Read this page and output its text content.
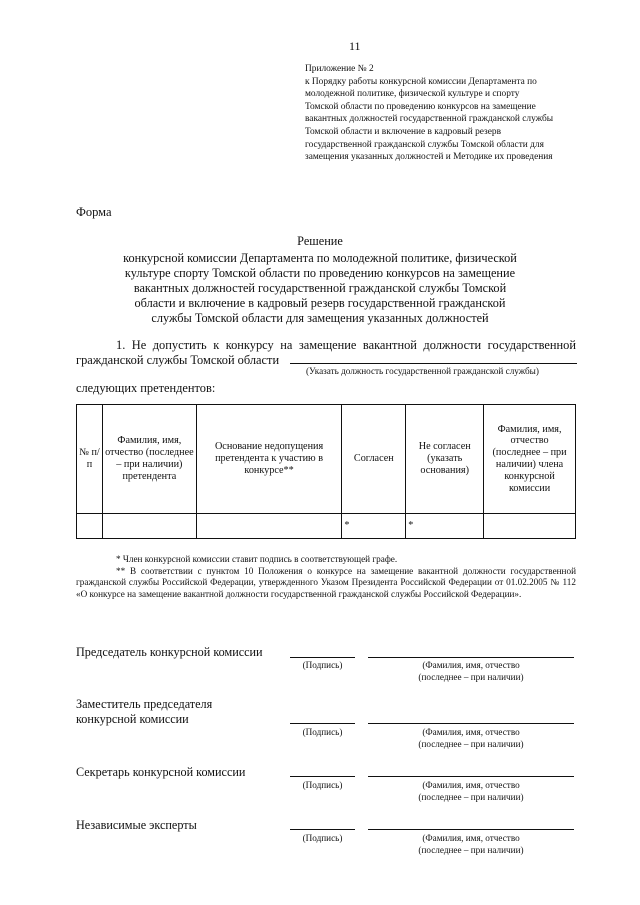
11

Приложение № 2

к Порядку работы конкурсной комиссии Департамента по

молодежной политике, физической культуре и спорту

Томской области по проведению конкурсов на замещение

вакантных должностей государственной гражданской службы

Томской области и включение в кадровый резерв

государственной гражданской службы Томской области для

замещения указанных должностей и Методике их проведения

Форма
Решение
конкурсной комиссии Департамента по молодежной политике, физической
культуре спорту Томской области по проведению конкурсов на замещение
вакантных должностей государственной гражданской службы Томской
области и включение в кадровый резерв государственной гражданской
службы Томской области для замещения указанных должностей
1. Не допустить к конкурсу на замещение вакантной должности государственной гражданской службы Томской области
(Указать должность государственной гражданской службы)
следующих претендентов:
№ п/п	Фамилия, имя, отчество (последнее – при наличии) претендента	Основание недопущения претендента к участию в конкурсе**	Согласен	Не согласен (указать основания)	Фамилия, имя, отчество (последнее – при наличии) члена конкурсной комиссии
			*	*	

* Член конкурсной комиссии ставит подпись в соответствующей графе.

** В соответствии с пунктом 10 Положения о конкурсе на замещение вакантной должности государственной гражданской службы Российской Федерации, утвержденного Указом Президента Российской Федерации от 01.02.2005 № 112 «О конкурсе на замещение вакантной должности государственной гражданской службы Российской Федерации».

Председатель конкурсной комиссии
(Подпись)	(Фамилия, имя, отчество
(последнее – при наличии)
Заместитель председателя конкурсной комиссии
(Подпись)	(Фамилия, имя, отчество
(последнее – при наличии)
Секретарь конкурсной комиссии
(Подпись)	(Фамилия, имя, отчество
(последнее – при наличии)
Независимые эксперты
(Подпись)	(Фамилия, имя, отчество
(последнее – при наличии)
